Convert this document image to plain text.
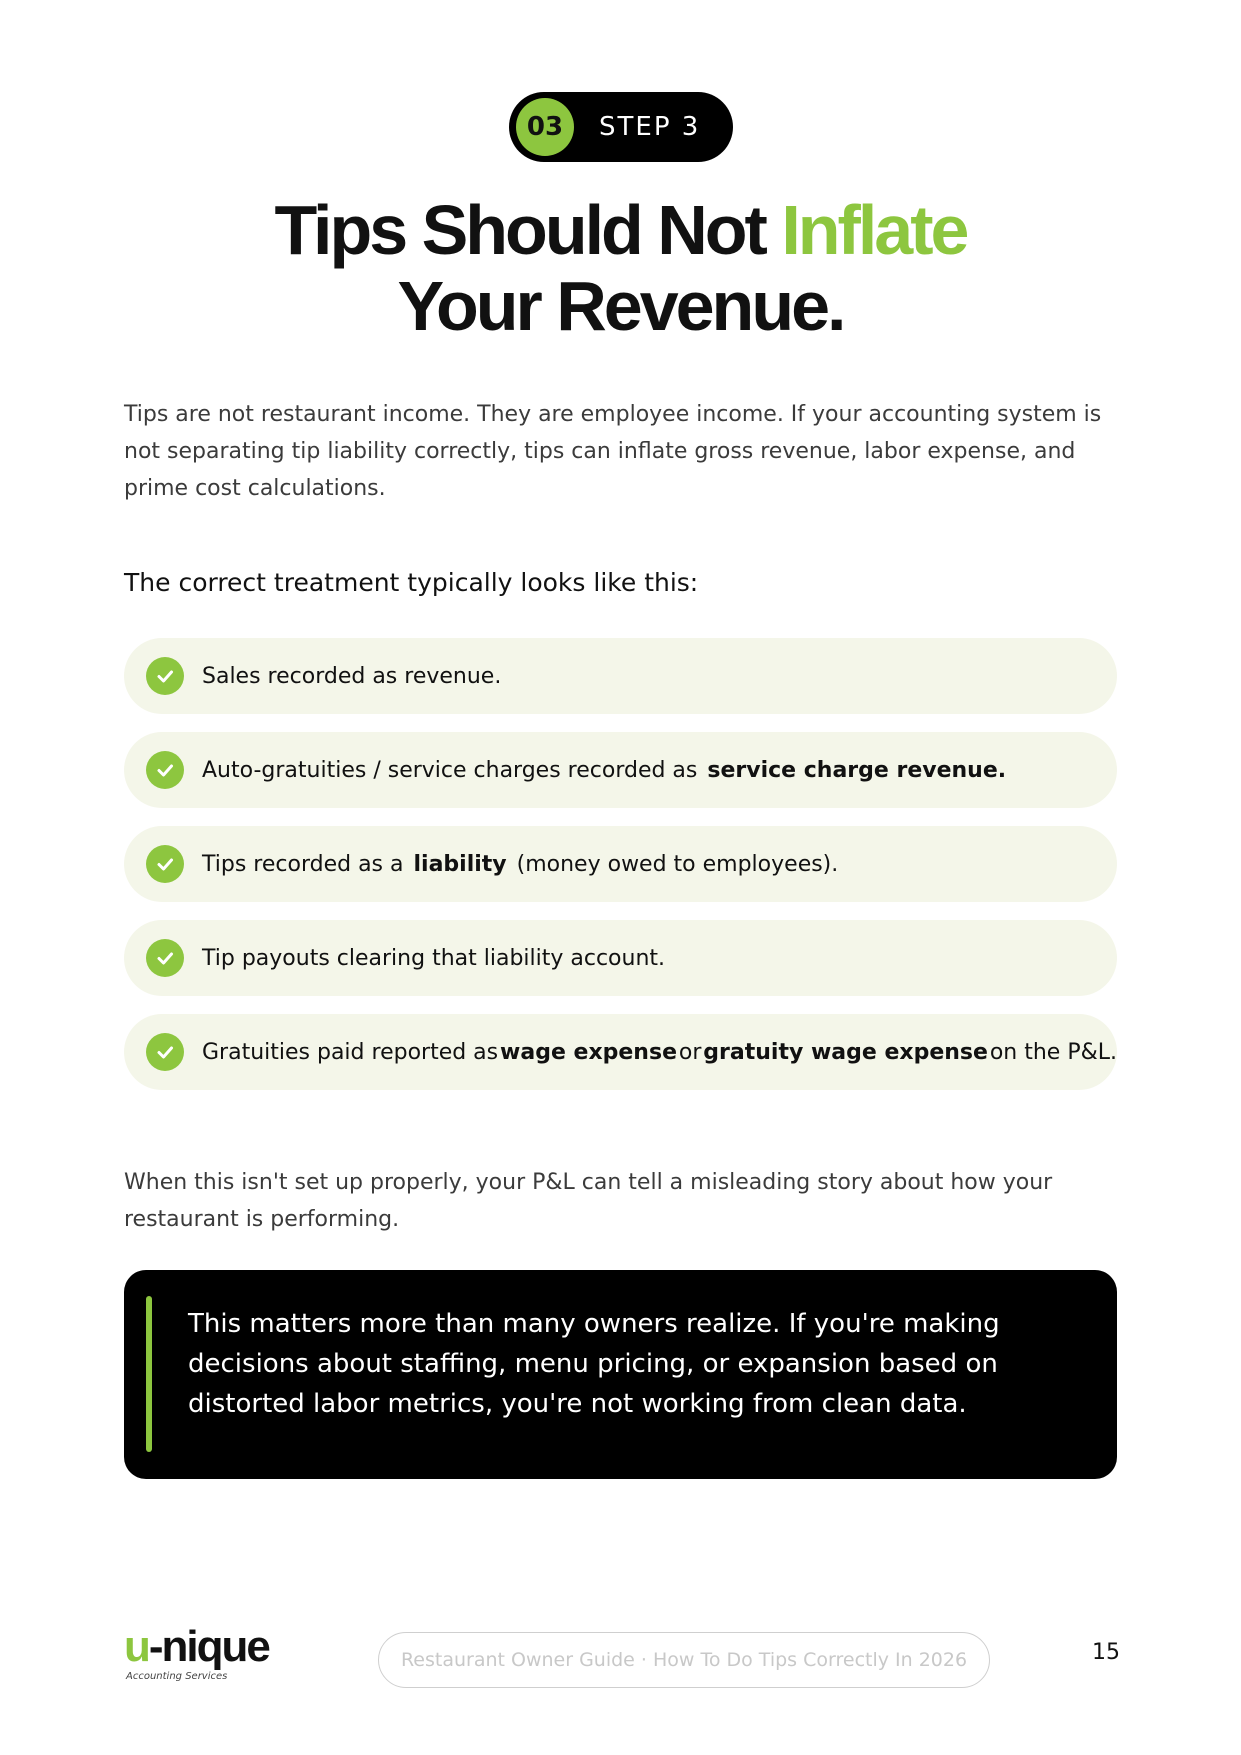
03	STEP 3
Tips Should Not Inflate
Your Revenue.

Tips are not restaurant income. They are employee income. If your accounting system is not separating tip liability correctly, tips can inflate gross revenue, labor expense, and prime cost calculations.

The correct treatment typically looks like this:

Sales recorded as revenue.
Auto-gratuities / service charges recorded as service charge revenue.
Tips recorded as a liability (money owed to employees).
Tip payouts clearing that liability account.
Gratuities paid reported as wage expense or gratuity wage expense on the P&L.

When this isn't set up properly, your P&L can tell a misleading story about how your restaurant is performing.

This matters more than many owners realize. If you're making decisions about staffing, menu pricing, or expansion based on distorted labor metrics, you're not working from clean data.

u-nique
Accounting Services
Restaurant Owner Guide · How To Do Tips Correctly In 2026	15
